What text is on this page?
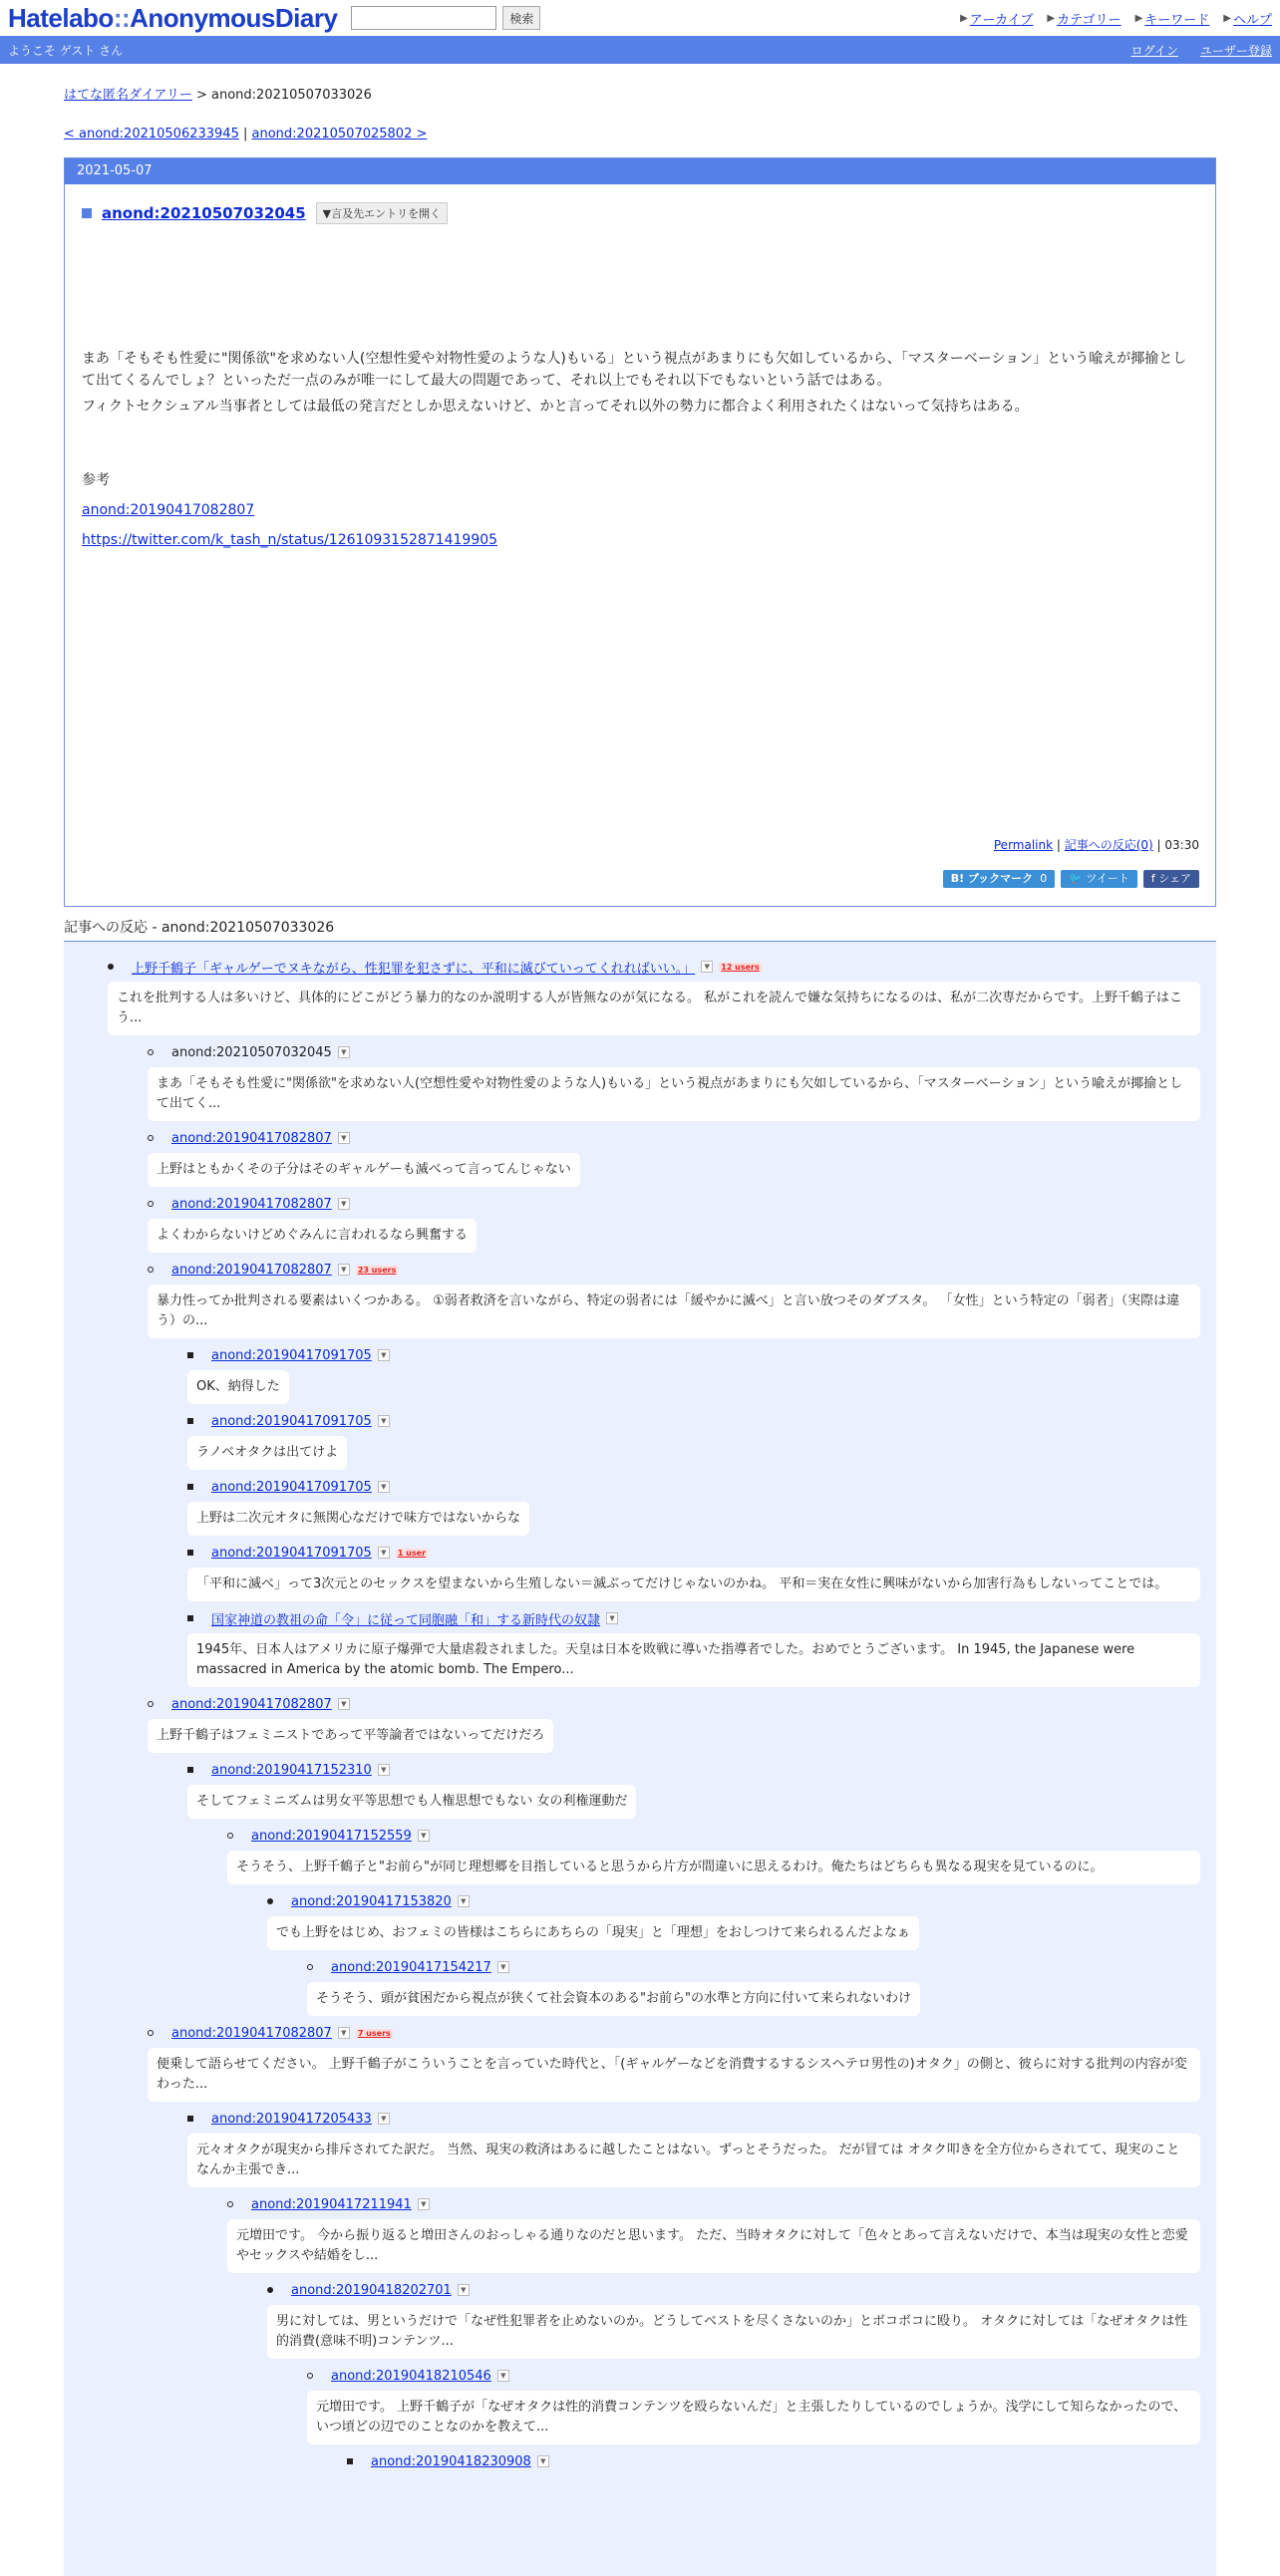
Hatelabo::AnonymousDiary	検索	▶ アーカイブ ▶ カテゴリー ▶ キーワード ▶ ヘルプ
ようこそ ゲスト さん	ログイン ユーザー登録
はてな匿名ダイアリー > anond:20210507033026
< anond:20210506233945 | anond:20210507025802 >
2021-05-07
anond:20210507032045	▼言及先エントリを開く

まあ「そもそも性愛に"関係欲"を求めない人(空想性愛や対物性愛のような人)もいる」という視点があまりにも欠如しているから、「マスターベーション」という喩えが揶揄として出てくるんでしょ？といっただ一点のみが唯一にして最大の問題であって、それ以上でもそれ以下でもないという話ではある。

フィクトセクシュアル当事者としては最低の発言だとしか思えないけど、かと言ってそれ以外の勢力に都合よく利用されたくはないって気持ちはある。

参考

anond:20190417082807

https://twitter.com/k_tash_n/status/1261093152871419905

Permalink | 記事への反応(0) | 03:30
B! ブックマーク 0	🐦 ツイート	f シェア
記事への反応 - anond:20210507033026
上野千鶴子「ギャルゲーでヌキながら、性犯罪を犯さずに、平和に滅びていってくれればいい。」	▼	12 users
これを批判する人は多いけど、具体的にどこがどう暴力的なのか説明する人が皆無なのが気になる。 私がこれを読んで嫌な気持ちになるのは、私が二次専だからです。上野千鶴子はこう...
anond:20210507032045	▼
まあ「そもそも性愛に"関係欲"を求めない人(空想性愛や対物性愛のような人)もいる」という視点があまりにも欠如しているから、「マスターベーション」という喩えが揶揄として出てく...
anond:20190417082807	▼
上野はともかくその子分はそのギャルゲーも滅べって言ってんじゃない
anond:20190417082807	▼
よくわからないけどめぐみんに言われるなら興奮する
anond:20190417082807	▼	23 users
暴力性ってか批判される要素はいくつかある。 ①弱者救済を言いながら、特定の弱者には「緩やかに滅べ」と言い放つそのダブスタ。 「女性」という特定の「弱者」（実際は違う）の...
anond:20190417091705	▼
OK、納得した
anond:20190417091705	▼
ラノベオタクは出てけよ
anond:20190417091705	▼
上野は二次元オタに無関心なだけで味方ではないからな
anond:20190417091705	▼	1 user
「平和に滅べ」って3次元とのセックスを望まないから生殖しない＝滅ぶってだけじゃないのかね。 平和＝実在女性に興味がないから加害行為もしないってことでは。
国家神道の教祖の命「令」に従って同胞融「和」する新時代の奴隷	▼
1945年、日本人はアメリカに原子爆弾で大量虐殺されました。天皇は日本を敗戦に導いた指導者でした。おめでとうございます。 In 1945, the Japanese were massacred in America by the atomic bomb. The Empero...
anond:20190417082807	▼
上野千鶴子はフェミニストであって平等論者ではないってだけだろ
anond:20190417152310	▼
そしてフェミニズムは男女平等思想でも人権思想でもない 女の利権運動だ
anond:20190417152559	▼
そうそう、上野千鶴子と"お前ら"が同じ理想郷を目指していると思うから片方が間違いに思えるわけ。俺たちはどちらも異なる現実を見ているのに。
anond:20190417153820	▼
でも上野をはじめ、おフェミの皆様はこちらにあちらの「現実」と「理想」をおしつけて来られるんだよなぁ
anond:20190417154217	▼
そうそう、頭が貧困だから視点が狭くて社会資本のある"お前ら"の水準と方向に付いて来られないわけ
anond:20190417082807	▼	7 users
便乗して語らせてください。 上野千鶴子がこういうことを言っていた時代と、「(ギャルゲーなどを消費するするシスヘテロ男性の)オタク」の側と、彼らに対する批判の内容が変わった...
anond:20190417205433	▼
元々オタクが現実から排斥されてた訳だ。 当然、現実の救済はあるに越したことはない。ずっとそうだった。 だが冒ては オタク叩きを全方位からされてて、現実のことなんか主張でき...
anond:20190417211941	▼
元増田です。 今から振り返ると増田さんのおっしゃる通りなのだと思います。 ただ、当時オタクに対して「色々とあって言えないだけで、本当は現実の女性と恋愛やセックスや結婚をし...
anond:20190418202701	▼
男に対しては、男というだけで「なぜ性犯罪者を止めないのか。どうしてベストを尽くさないのか」とボコボコに殴り。 オタクに対しては「なぜオタクは性的消費(意味不明)コンテンツ...
anond:20190418210546	▼
元増田です。 上野千鶴子が「なぜオタクは性的消費コンテンツを殴らないんだ」と主張したりしているのでしょうか。浅学にして知らなかったので、いつ頃どの辺でのことなのかを教えて...
anond:20190418230908	▼
